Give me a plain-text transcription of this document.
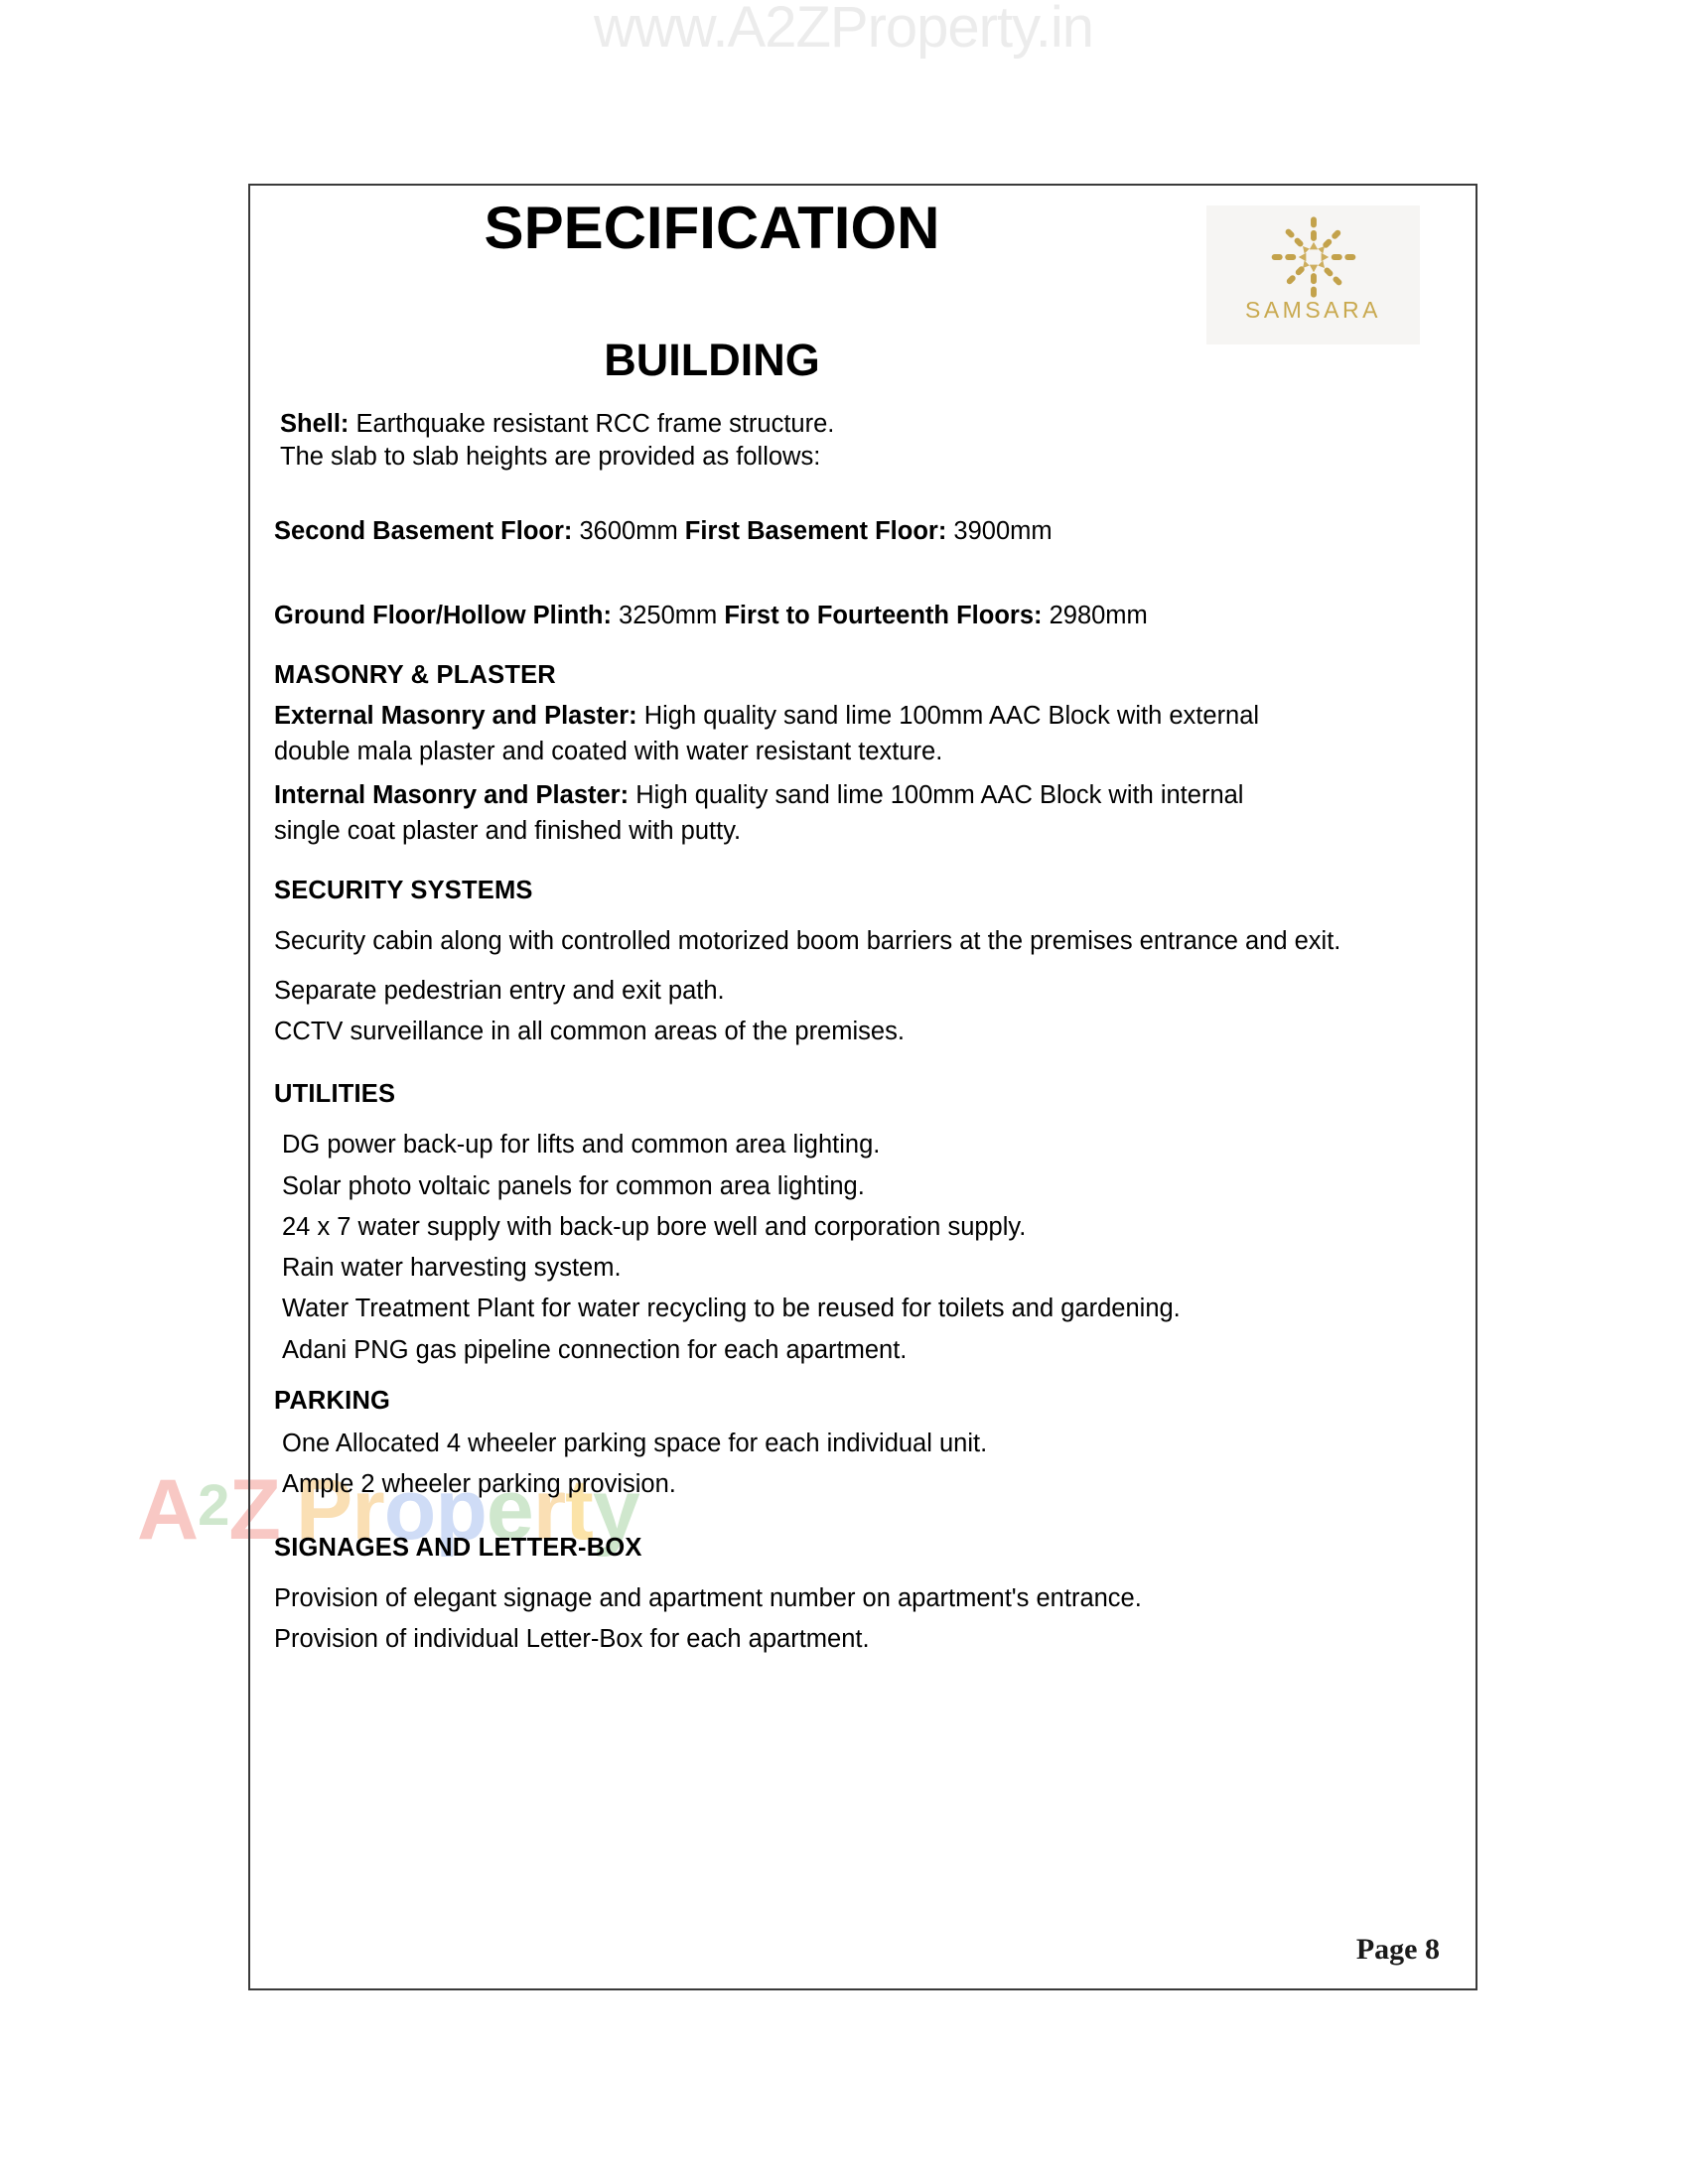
www.A2ZProperty.in
A2Z Property
SPECIFICATION
SAMSARA
BUILDING

Shell: Earthquake resistant RCC frame structure.

The slab to slab heights are provided as follows:

Second Basement Floor: 3600mm First Basement Floor: 3900mm

Ground Floor/Hollow Plinth: 3250mm First to Fourteenth Floors: 2980mm

MASONRY & PLASTER

External Masonry and Plaster: High quality sand lime 100mm AAC Block with external double mala plaster and coated with water resistant texture.

Internal Masonry and Plaster: High quality sand lime 100mm AAC Block with internal single coat plaster and finished with putty.

SECURITY SYSTEMS

Security cabin along with controlled motorized boom barriers at the premises entrance and exit.

Separate pedestrian entry and exit path.

CCTV surveillance in all common areas of the premises.

UTILITIES

DG power back-up for lifts and common area lighting.

Solar photo voltaic panels for common area lighting.

24 x 7 water supply with back-up bore well and corporation supply.

Rain water harvesting system.

Water Treatment Plant for water recycling to be reused for toilets and gardening.

Adani PNG gas pipeline connection for each apartment.

PARKING

One Allocated 4 wheeler parking space for each individual unit.

Ample 2 wheeler parking provision.

SIGNAGES AND LETTER-BOX

Provision of elegant signage and apartment number on apartment's entrance.

Provision of individual Letter-Box for each apartment.

Page 8
